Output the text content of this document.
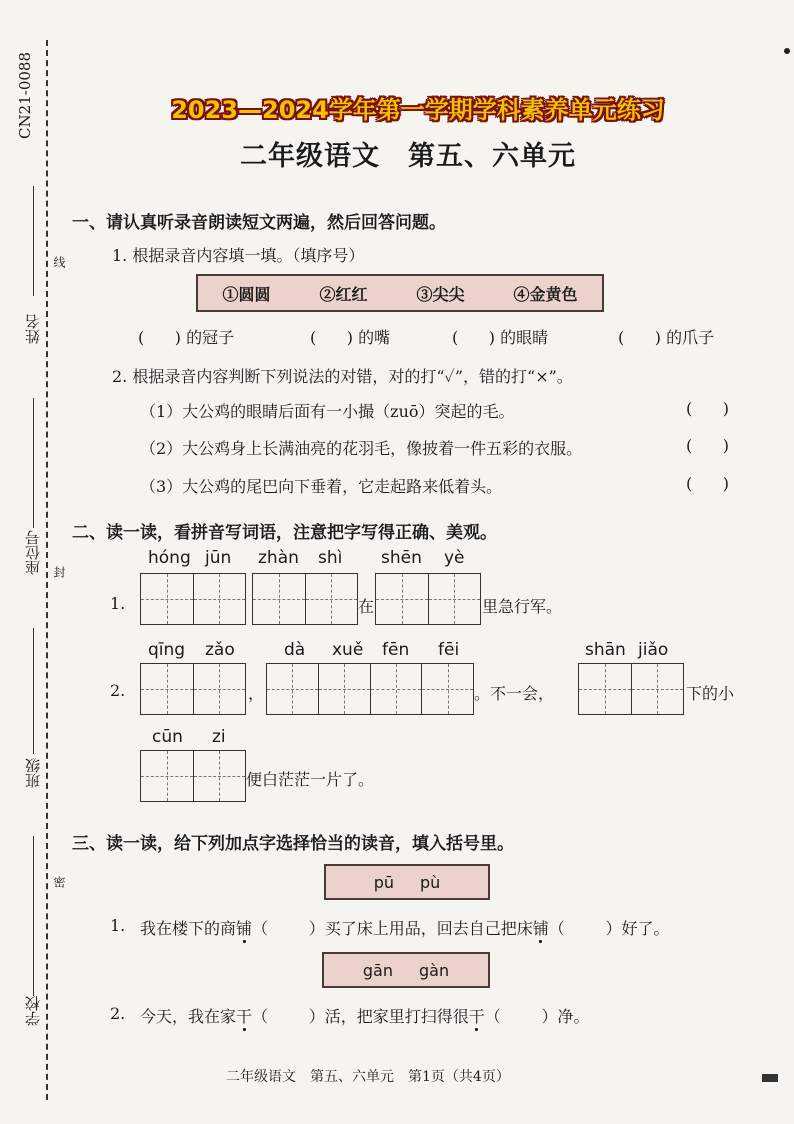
CN21-0088
姓名
线
座位号 封
班级
密
学校
2023—2024学年第一学期学科素养单元练习
二年级语文　第五、六单元
一、请认真听录音朗读短文两遍，然后回答问题。
1. 根据录音内容填一填。（填序号）
①圆圆	②红红	③尖尖	④金黄色
(      ) 的冠子	(      ) 的嘴	(      ) 的眼睛	(      ) 的爪子
2. 根据录音内容判断下列说法的对错，对的打“✓”，错的打“×”。
（1）大公鸡的眼睛后面有一小撮（zuō）突起的毛。	(      )
（2）大公鸡身上长满油亮的花羽毛，像披着一件五彩的衣服。	(      )
（3）大公鸡的尾巴向下垂着，它走起路来低着头。	(      )
二、读一读，看拼音写词语，注意把字写得正确、美观。
hóng jūn zhàn shì shēn yè
1.	在	里急行军。
qīng zǎo	dà xuě fēn fēi	shān jiǎo
2.	，	。不一会，	下的小
cūn zi
便白茫茫一片了。
三、读一读，给下列加点字选择恰当的读音，填入括号里。
pū pù
1. 我在楼下的商铺（        ）买了床上用品，回去自己把床铺（        ）好了。
gān gàn
2. 今天，我在家干（        ）活，把家里打扫得很干（        ）净。
二年级语文　第五、六单元　第1页（共4页）
